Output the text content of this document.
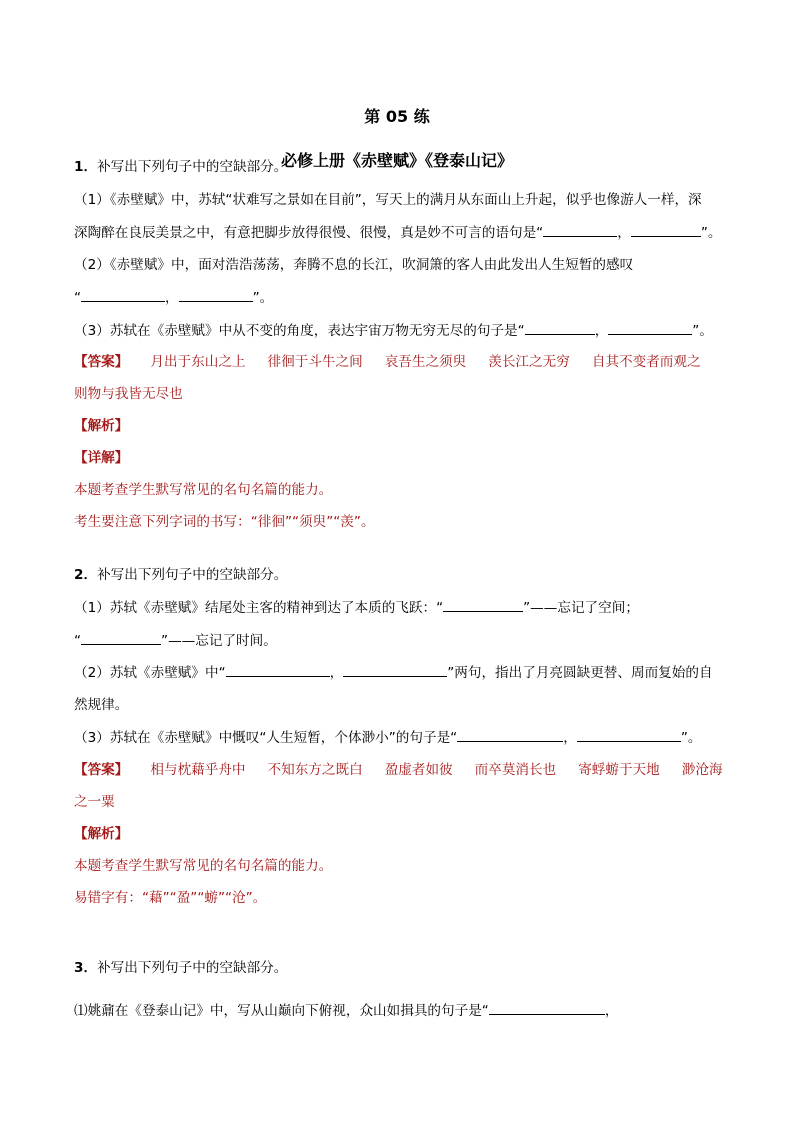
第 05 练
必修上册《赤壁赋》《登泰山记》
1．补写出下列句子中的空缺部分。
（1）《赤壁赋》中，苏轼“状难写之景如在目前”，写天上的满月从东面山上升起，似乎也像游人一样，深
深陶醉在良辰美景之中，有意把脚步放得很慢、很慢，真是妙不可言的语句是“	，	”。
（2）《赤壁赋》中，面对浩浩荡荡，奔腾不息的长江，吹洞箫的客人由此发出人生短暂的感叹
“	，	”。
（3）苏轼在《赤壁赋》中从不变的角度，表达宇宙万物无穷无尽的句子是“	，	”。
【答案】 月出于东山之上 徘徊于斗牛之间 哀吾生之须臾 羡长江之无穷 自其不变者而观之
则物与我皆无尽也
【解析】
【详解】
本题考查学生默写常见的名句名篇的能力。
考生要注意下列字词的书写：“徘徊”“须臾”“羡”。
2．补写出下列句子中的空缺部分。
（1）苏轼《赤壁赋》结尾处主客的精神到达了本质的飞跃：“	”——忘记了空间；
“	”——忘记了时间。
（2）苏轼《赤壁赋》中“	，	”两句，指出了月亮圆缺更替、周而复始的自
然规律。
（3）苏轼在《赤壁赋》中慨叹“人生短暂，个体渺小”的句子是“	，	”。
【答案】 相与枕藉乎舟中 不知东方之既白 盈虚者如彼 而卒莫消长也 寄蜉蝣于天地 渺沧海
之一粟
【解析】
本题考查学生默写常见的名句名篇的能力。
易错字有：“藉”“盈”“蝣”“沧”。
3．补写出下列句子中的空缺部分。
⑴姚鼐在《登泰山记》中，写从山巅向下俯视，众山如揖具的句子是“	，
